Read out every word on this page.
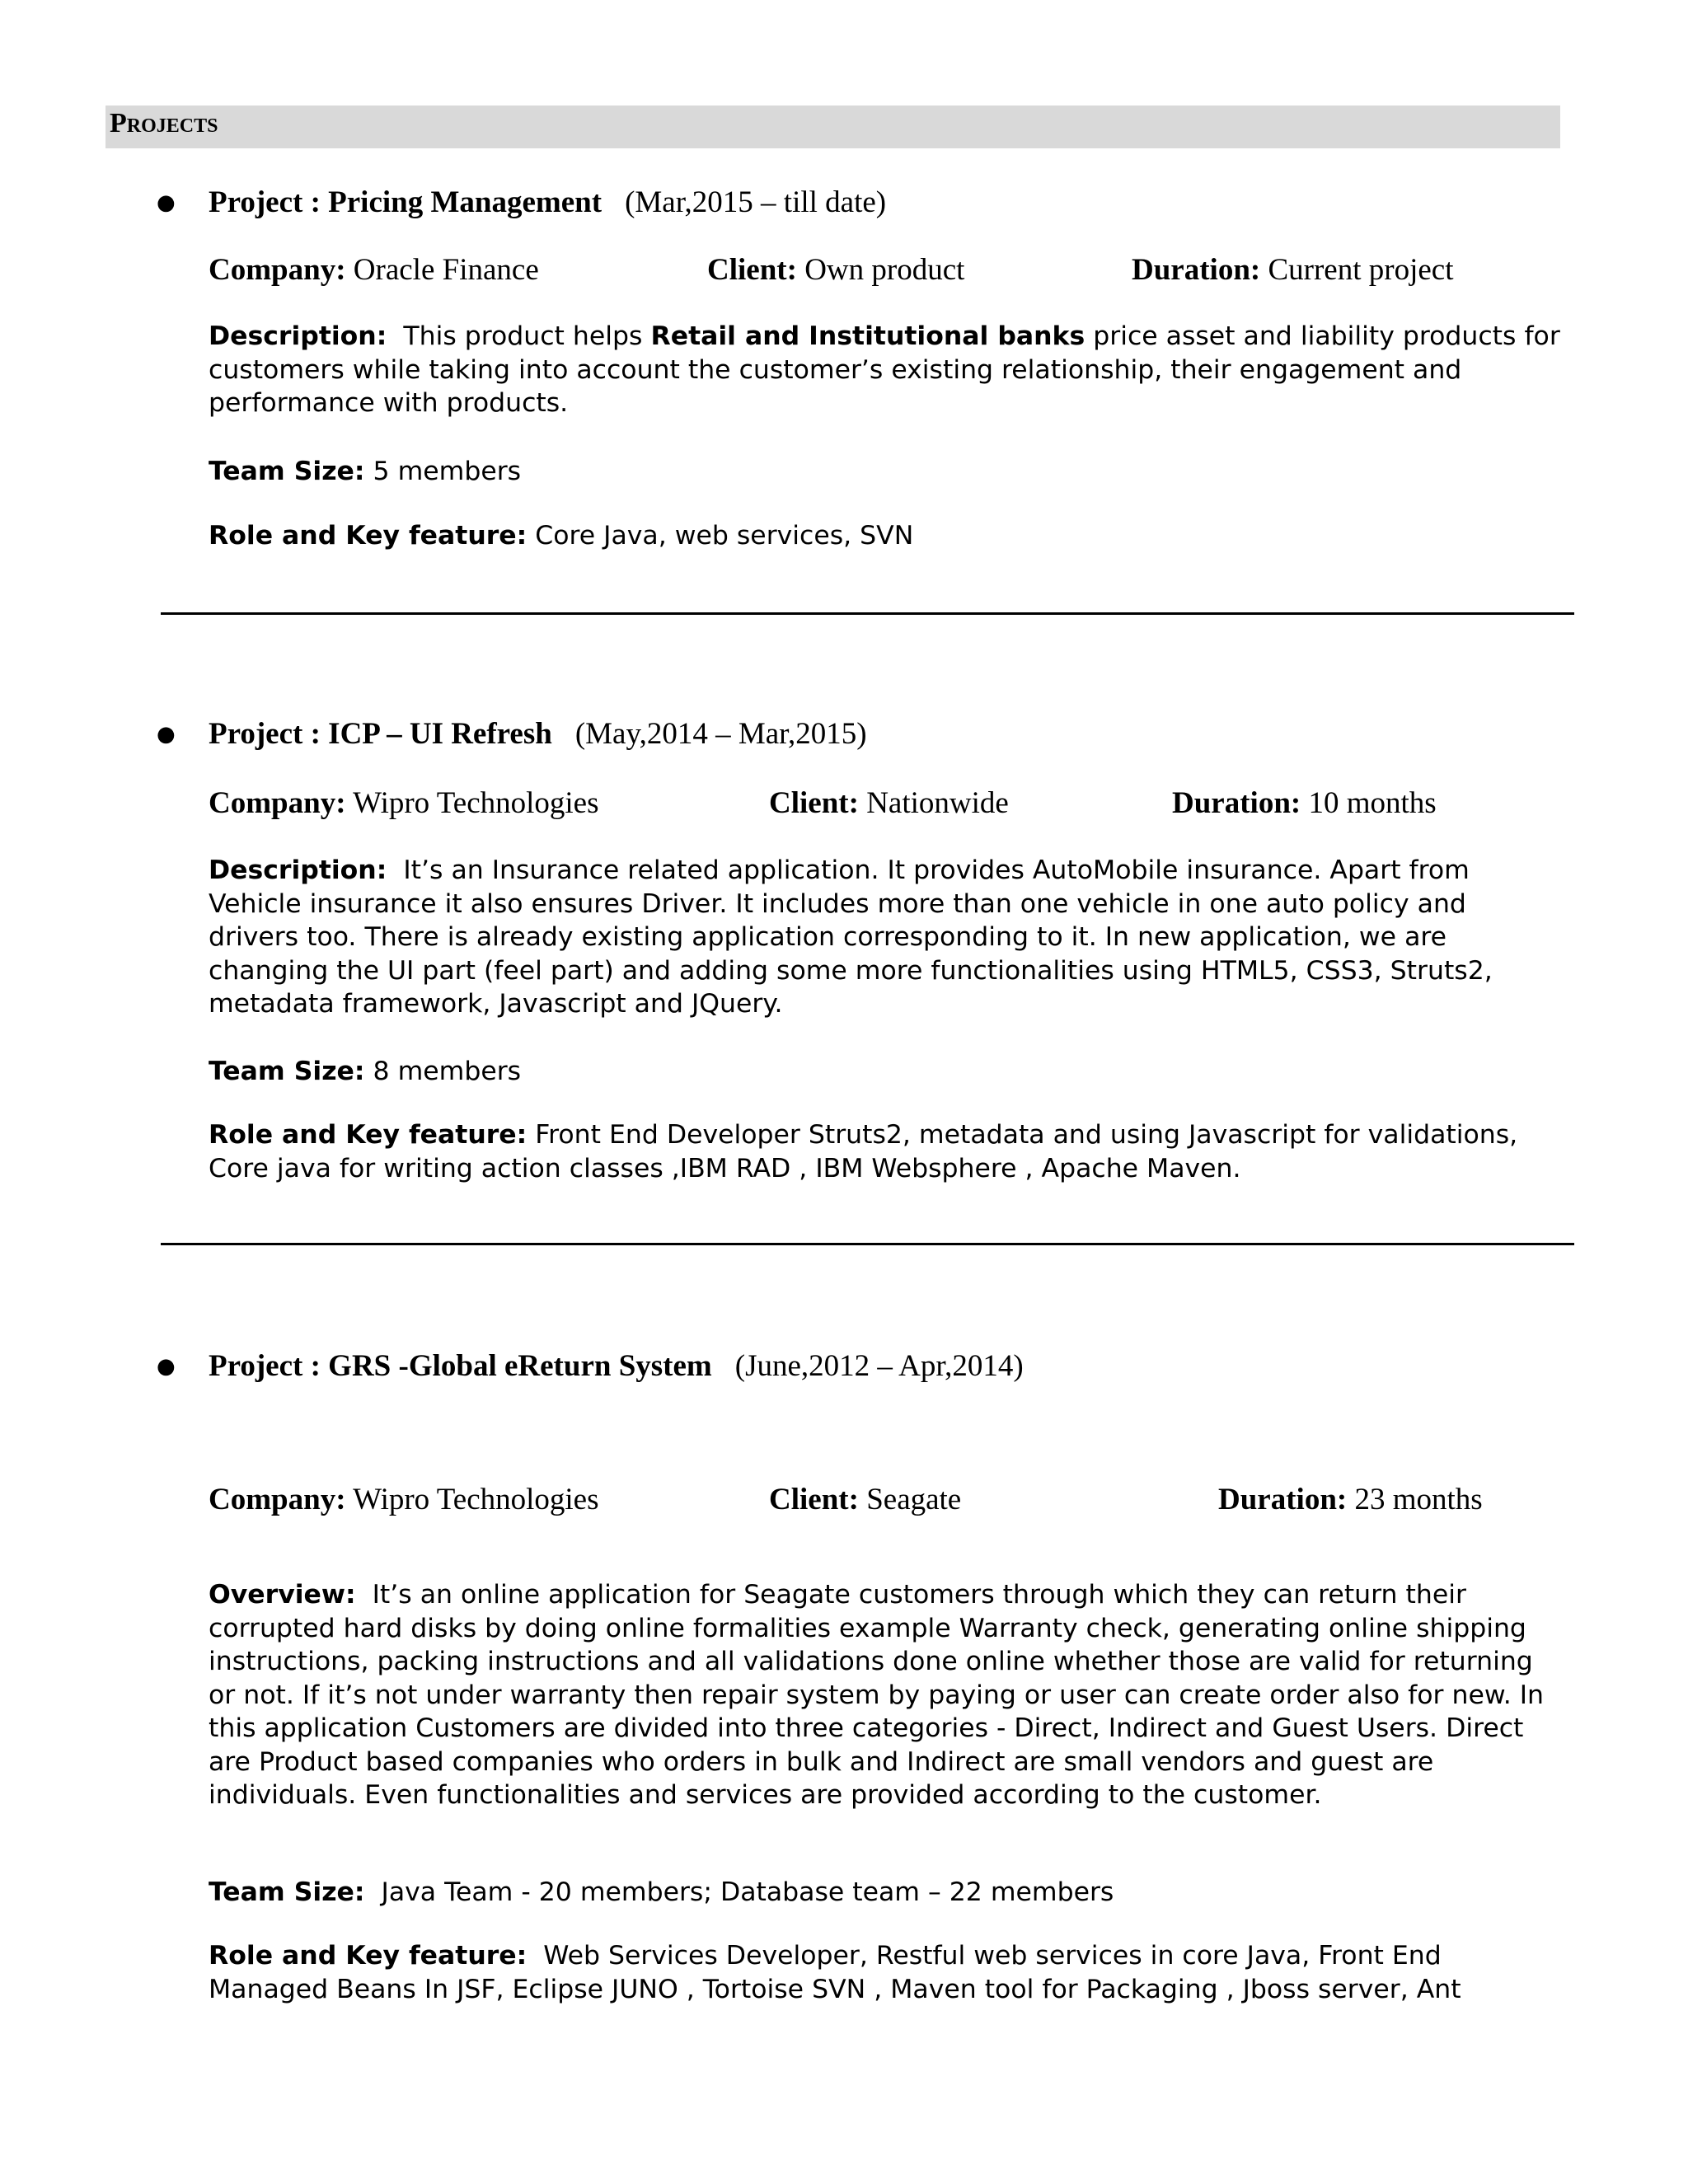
Projects
● Project : Pricing Management (Mar,2015 – till date)
Company: Oracle Finance	Client: Own product	Duration: Current project
Description: This product helps Retail and Institutional banks price asset and liability products for customers while taking into account the customer’s existing relationship, their engagement and performance with products.
Team Size: 5 members
Role and Key feature: Core Java, web services, SVN
● Project : ICP – UI Refresh (May,2014 – Mar,2015)
Company: Wipro Technologies	Client: Nationwide	Duration: 10 months
Description: It’s an Insurance related application. It provides AutoMobile insurance. Apart from Vehicle insurance it also ensures Driver. It includes more than one vehicle in one auto policy and drivers too. There is already existing application corresponding to it. In new application, we are changing the UI part (feel part) and adding some more functionalities using HTML5, CSS3, Struts2, metadata framework, Javascript and JQuery.
Team Size: 8 members
Role and Key feature: Front End Developer Struts2, metadata and using Javascript for validations, Core java for writing action classes ,IBM RAD , IBM Websphere , Apache Maven.
● Project : GRS -Global eReturn System (June,2012 – Apr,2014)
Company: Wipro Technologies	Client: Seagate	Duration: 23 months
Overview: It’s an online application for Seagate customers through which they can return their corrupted hard disks by doing online formalities example Warranty check, generating online shipping instructions, packing instructions and all validations done online whether those are valid for returning or not. If it’s not under warranty then repair system by paying or user can create order also for new. In this application Customers are divided into three categories - Direct, Indirect and Guest Users. Direct are Product based companies who orders in bulk and Indirect are small vendors and guest are individuals. Even functionalities and services are provided according to the customer.
Team Size: Java Team - 20 members; Database team – 22 members
Role and Key feature: Web Services Developer, Restful web services in core Java, Front End Managed Beans In JSF, Eclipse JUNO , Tortoise SVN , Maven tool for Packaging , Jboss server, Ant
